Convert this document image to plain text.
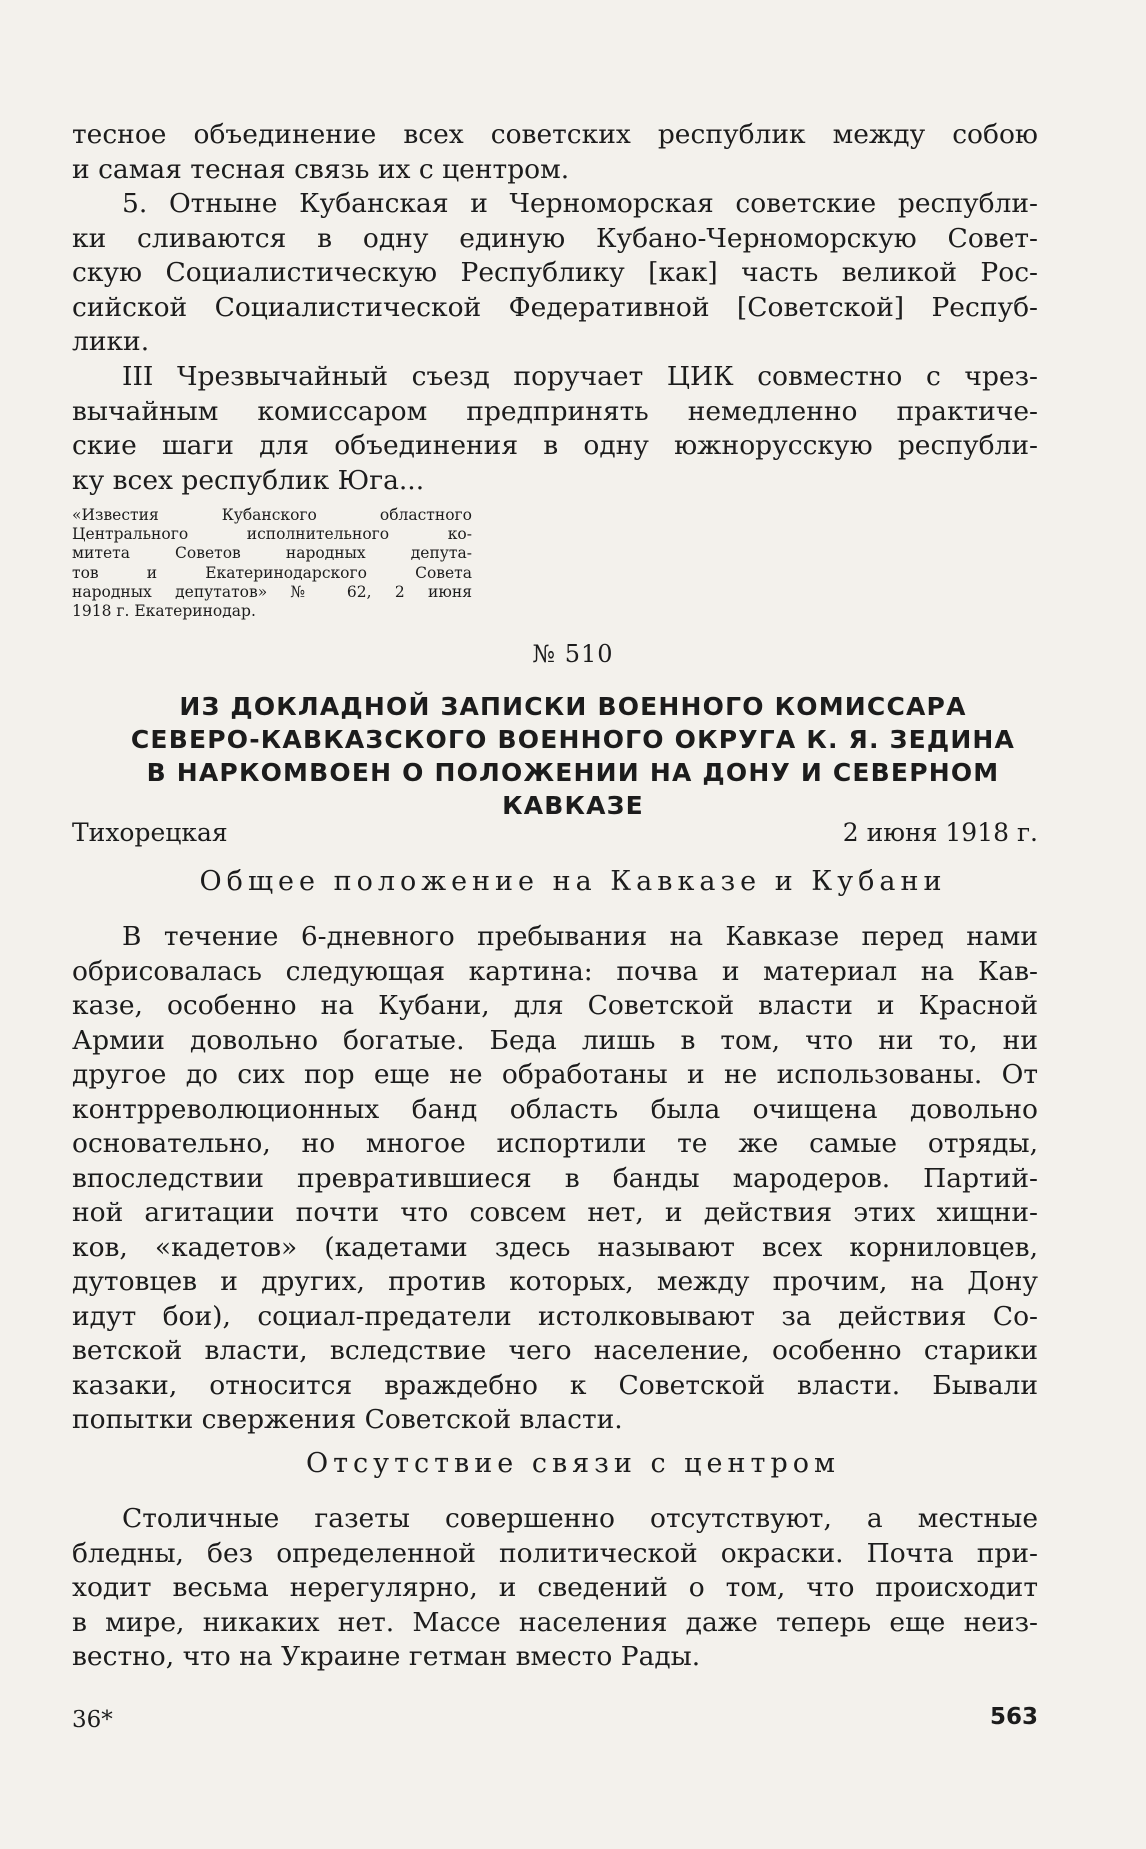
тесное объединение всех советских республик между собою
и самая тесная связь их с центром.
5. Отныне Кубанская и Черноморская советские республи-
ки сливаются в одну единую Кубано-Черноморскую Совет-
скую Социалистическую Республику [как] часть великой Рос-
сийской Социалистической Федеративной [Советской] Респуб-
лики.
III Чрезвычайный съезд поручает ЦИК совместно с чрез-
вычайным комиссаром предпринять немедленно практиче-
ские шаги для объединения в одну южнорусскую республи-
ку всех республик Юга...
«Известия Кубанского областного
Центрального исполнительного ко-
митета Советов народных депута-
тов и Екатеринодарского Совета
народных депутатов» № 62, 2 июня
1918 г. Екатеринодар.
№ 510
ИЗ ДОКЛАДНОЙ ЗАПИСКИ ВОЕННОГО КОМИССАРА
СЕВЕРО-КАВКАЗСКОГО ВОЕННОГО ОКРУГА К. Я. ЗЕДИНА
В НАРКОМВОЕН О ПОЛОЖЕНИИ НА ДОНУ И СЕВЕРНОМ
КАВКАЗЕ
Тихорецкая	2 июня 1918 г.
Общее положение на Кавказе и Кубани
В течение 6-дневного пребывания на Кавказе перед нами
обрисовалась следующая картина: почва и материал на Кав-
казе, особенно на Кубани, для Советской власти и Красной
Армии довольно богатые. Беда лишь в том, что ни то, ни
другое до сих пор еще не обработаны и не использованы. От
контрреволюционных банд область была очищена довольно
основательно, но многое испортили те же самые отряды,
впоследствии превратившиеся в банды мародеров. Партий-
ной агитации почти что совсем нет, и действия этих хищни-
ков, «кадетов» (кадетами здесь называют всех корниловцев,
дутовцев и других, против которых, между прочим, на Дону
идут бои), социал-предатели истолковывают за действия Со-
ветской власти, вследствие чего население, особенно старики
казаки, относится враждебно к Советской власти. Бывали
попытки свержения Советской власти.
Отсутствие связи с центром
Столичные газеты совершенно отсутствуют, а местные
бледны, без определенной политической окраски. Почта при-
ходит весьма нерегулярно, и сведений о том, что происходит
в мире, никаких нет. Массе населения даже теперь еще неиз-
вестно, что на Украине гетман вместо Рады.
36*	563
